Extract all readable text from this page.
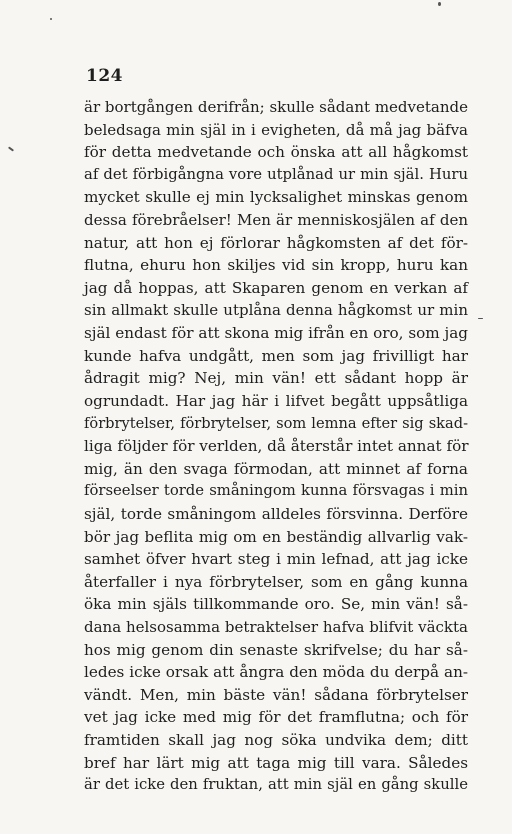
124
är bortgången derifrån; skulle sådant medvetande
beledsaga min själ in i evigheten, då må jag bäfva
för detta medvetande och önska att all hågkomst
af det förbigångna vore utplånad ur min själ. Huru
mycket skulle ej min lycksalighet minskas genom
dessa förebråelser! Men är menniskosjälen af den
natur, att hon ej förlorar hågkomsten af det för-
flutna, ehuru hon skiljes vid sin kropp, huru kan
jag då hoppas, att Skaparen genom en verkan af
sin allmakt skulle utplåna denna hågkomst ur min
själ endast för att skona mig ifrån en oro, som jag
kunde hafva undgått, men som jag frivilligt har
ådragit mig? Nej, min vän! ett sådant hopp är
ogrundadt. Har jag här i lifvet begått uppsåtliga
förbrytelser, förbrytelser, som lemna efter sig skad-
liga följder för verlden, då återstår intet annat för
mig, än den svaga förmodan, att minnet af forna
förseelser torde småningom kunna försvagas i min
själ, torde småningom alldeles försvinna. Derföre
bör jag beflita mig om en beständig allvarlig vak-
samhet öfver hvart steg i min lefnad, att jag icke
återfaller i nya förbrytelser, som en gång kunna
öka min själs tillkommande oro. Se, min vän! så-
dana helsosamma betraktelser hafva blifvit väckta
hos mig genom din senaste skrifvelse; du har så-
ledes icke orsak att ångra den möda du derpå an-
vändt. Men, min bäste vän! sådana förbrytelser
vet jag icke med mig för det framflutna; och för
framtiden skall jag nog söka undvika dem; ditt
bref har lärt mig att taga mig till vara. Således
är det icke den fruktan, att min själ en gång skulle
